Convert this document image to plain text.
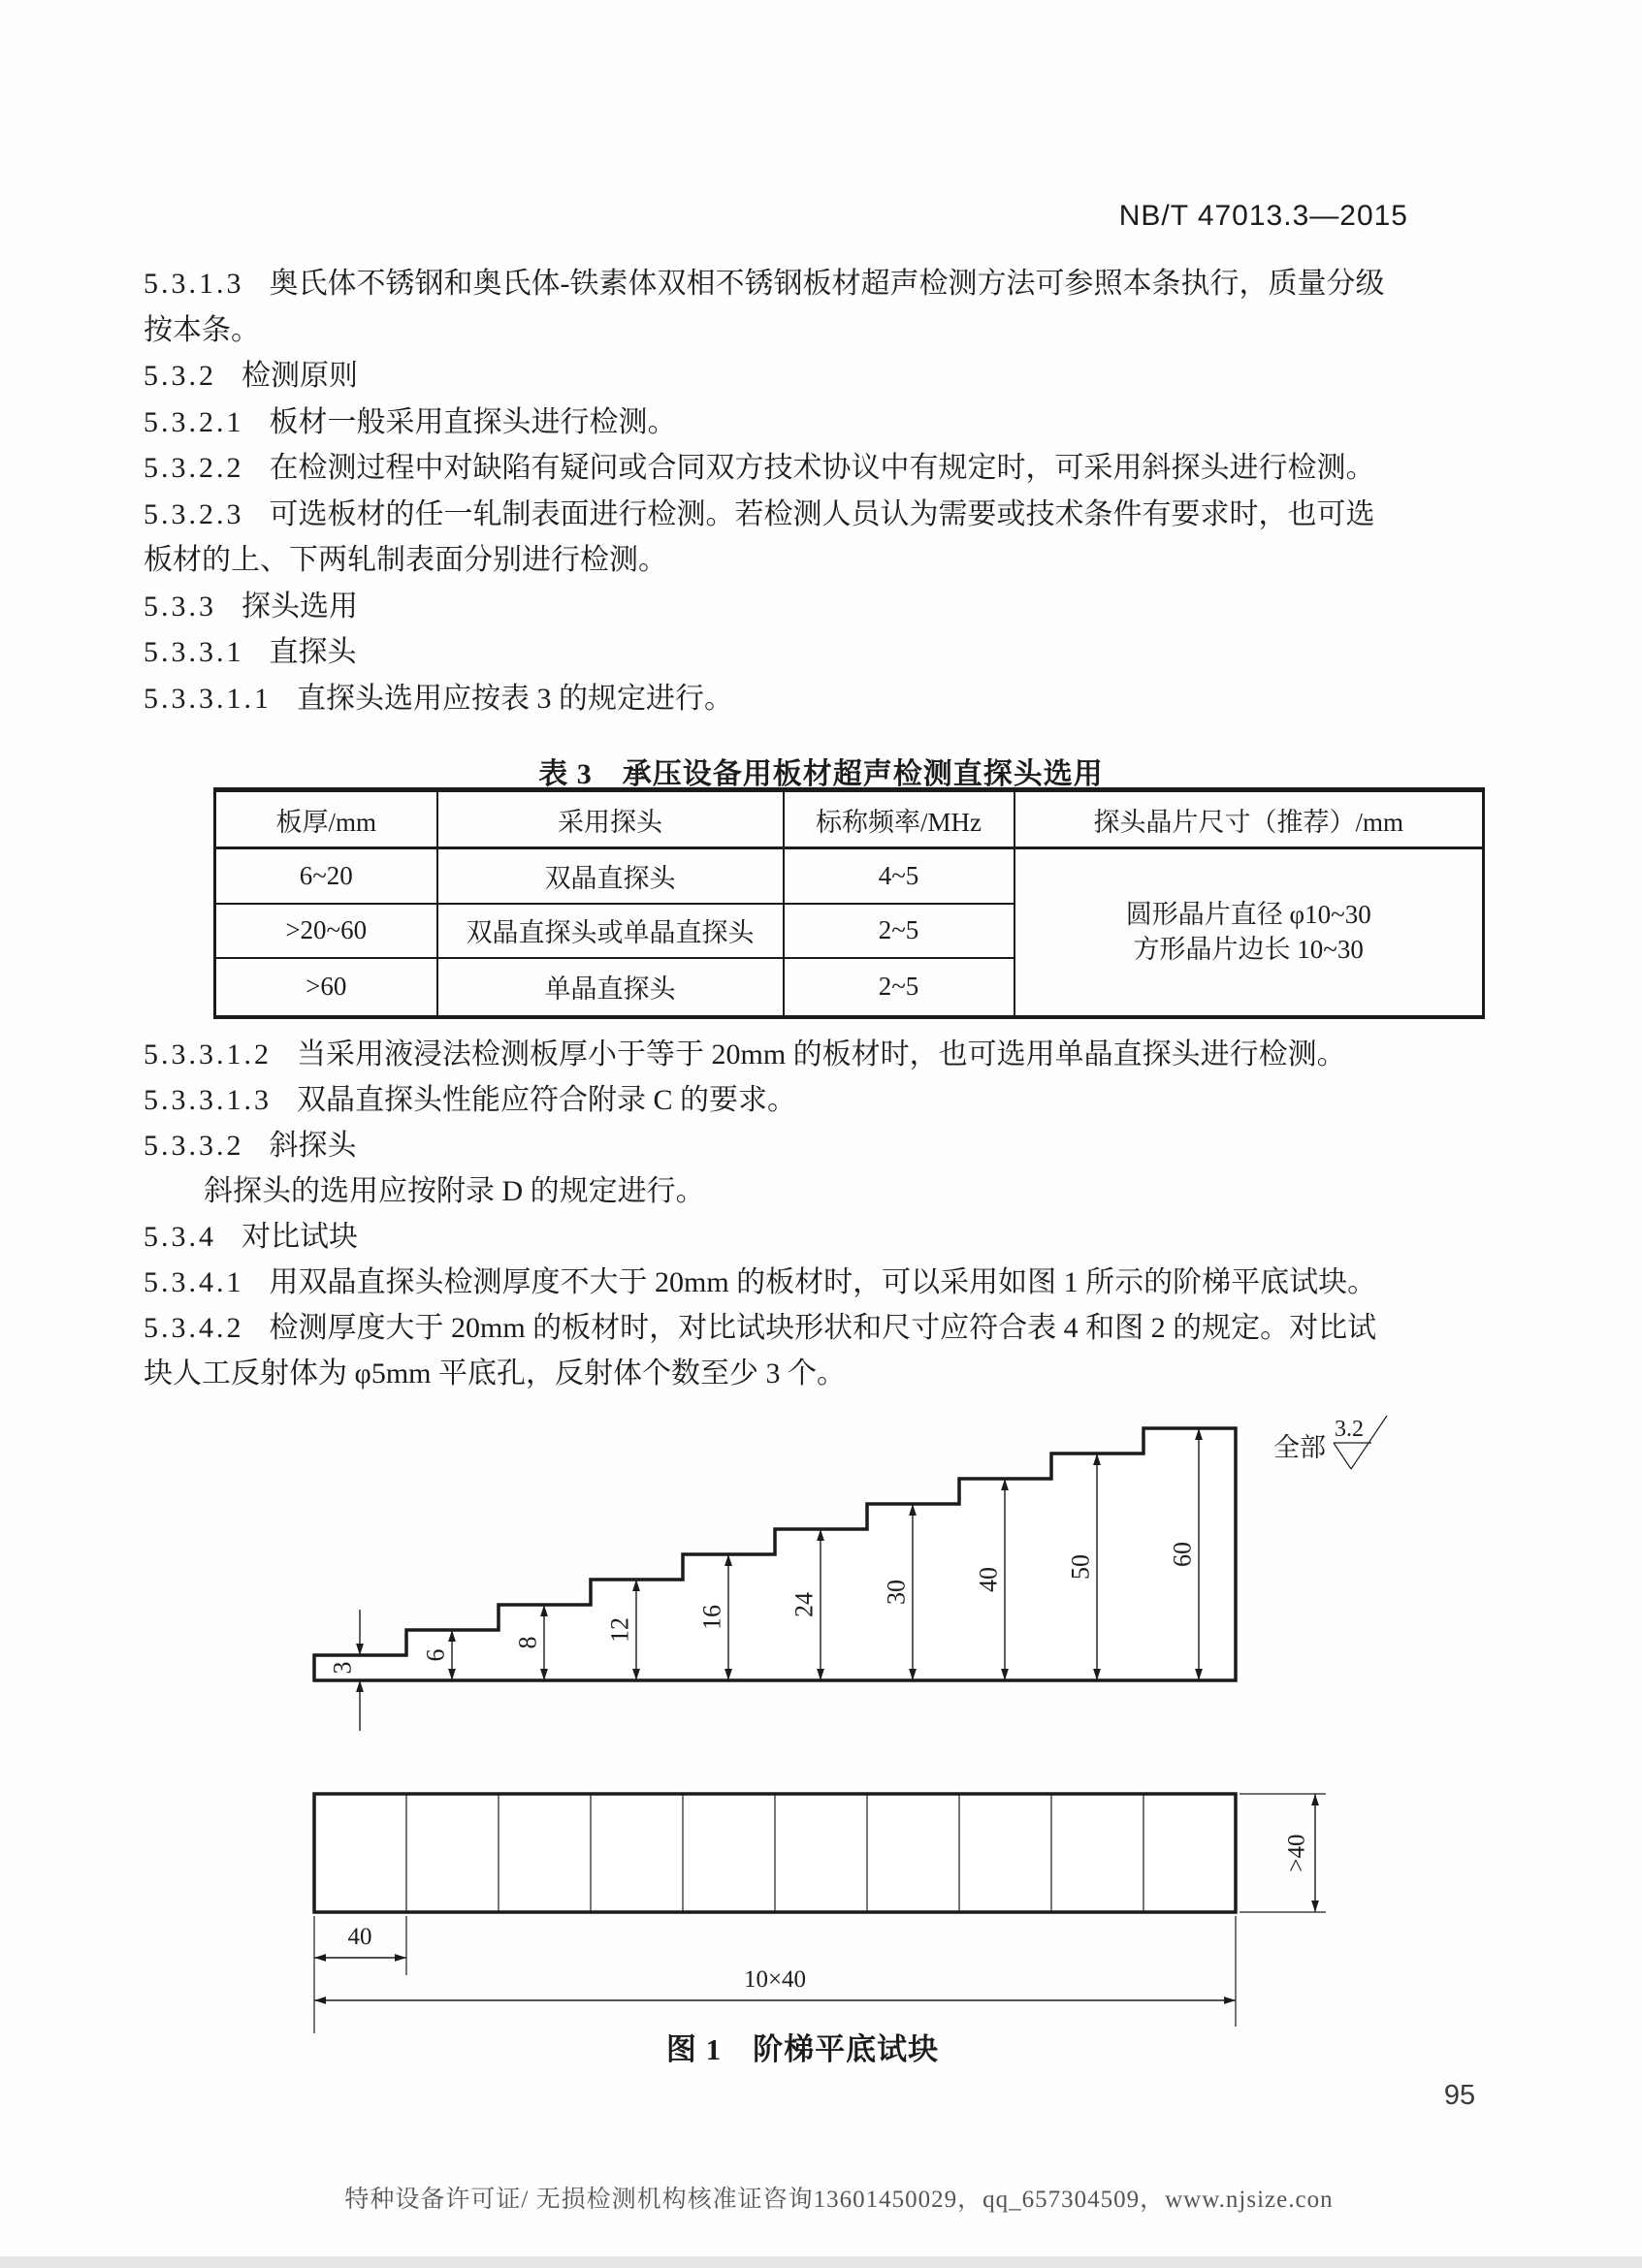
NB/T 47013.3—2015
5.3.1.3 奥氏体不锈钢和奥氏体-铁素体双相不锈钢板材超声检测方法可参照本条执行，质量分级
按本条。
5.3.2 检测原则
5.3.2.1 板材一般采用直探头进行检测。
5.3.2.2 在检测过程中对缺陷有疑问或合同双方技术协议中有规定时，可采用斜探头进行检测。
5.3.2.3 可选板材的任一轧制表面进行检测。若检测人员认为需要或技术条件有要求时，也可选
板材的上、下两轧制表面分别进行检测。
5.3.3 探头选用
5.3.3.1 直探头
5.3.3.1.1 直探头选用应按表 3 的规定进行。
表 3　承压设备用板材超声检测直探头选用
板厚/mm	采用探头	标称频率/MHz	探头晶片尺寸（推荐）/mm
6~20	双晶直探头	4~5	圆形晶片直径 φ10~30
方形晶片边长 10~30

>20~60	双晶直探头或单晶直探头	2~5	
>60	单晶直探头	2~5	
5.3.3.1.2 当采用液浸法检测板厚小于等于 20mm 的板材时，也可选用单晶直探头进行检测。
5.3.3.1.3 双晶直探头性能应符合附录 C 的要求。
5.3.3.2 斜探头
斜探头的选用应按附录 D 的规定进行。
5.3.4 对比试块
5.3.4.1 用双晶直探头检测厚度不大于 20mm 的板材时，可以采用如图 1 所示的阶梯平底试块。
5.3.4.2 检测厚度大于 20mm 的板材时，对比试块形状和尺寸应符合表 4 和图 2 的规定。对比试
块人工反射体为 φ5mm 平底孔，反射体个数至少 3 个。
3
6
8	12	16	24	30	40	50	60
全部
3.2
40
10×40
>40
图 1　阶梯平底试块
95
特种设备许可证/ 无损检测机构核准证咨询13601450029，qq_657304509，www.njsize.con
